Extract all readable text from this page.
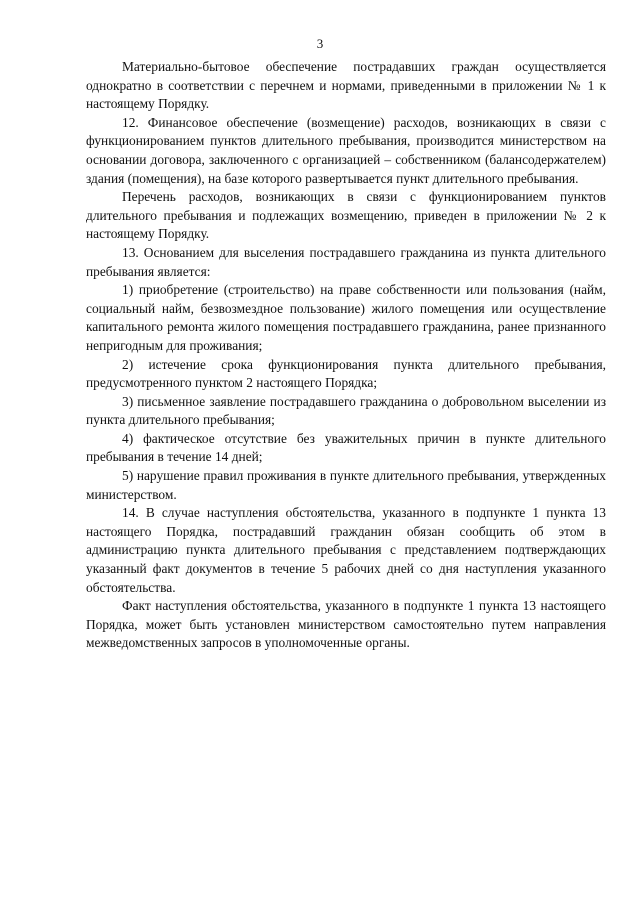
3

Материально-бытовое обеспечение пострадавших граждан осуществляется однократно в соответствии с перечнем и нормами, приведенными в приложении № 1 к настоящему Порядку.

12. Финансовое обеспечение (возмещение) расходов, возникающих в связи с функционированием пунктов длительного пребывания, производится министерством на основании договора, заключенного с организацией – собственником (балансодержателем) здания (помещения), на базе которого развертывается пункт длительного пребывания.

Перечень расходов, возникающих в связи с функционированием пунктов длительного пребывания и подлежащих возмещению, приведен в приложении № 2 к настоящему Порядку.

13. Основанием для выселения пострадавшего гражданина из пункта длительного пребывания является:

1) приобретение (строительство) на праве собственности или пользования (найм, социальный найм, безвозмездное пользование) жилого помещения или осуществление капитального ремонта жилого помещения пострадавшего гражданина, ранее признанного непригодным для проживания;

2) истечение срока функционирования пункта длительного пребывания, предусмотренного пунктом 2 настоящего Порядка;

3) письменное заявление пострадавшего гражданина о добровольном выселении из пункта длительного пребывания;

4) фактическое отсутствие без уважительных причин в пункте длительного пребывания в течение 14 дней;

5) нарушение правил проживания в пункте длительного пребывания, утвержденных министерством.

14. В случае наступления обстоятельства, указанного в подпункте 1 пункта 13 настоящего Порядка, пострадавший гражданин обязан сообщить об этом в администрацию пункта длительного пребывания с представлением подтверждающих указанный факт документов в течение 5 рабочих дней со дня наступления указанного обстоятельства.

Факт наступления обстоятельства, указанного в подпункте 1 пункта 13 настоящего Порядка, может быть установлен министерством самостоятельно путем направления межведомственных запросов в уполномоченные органы.
